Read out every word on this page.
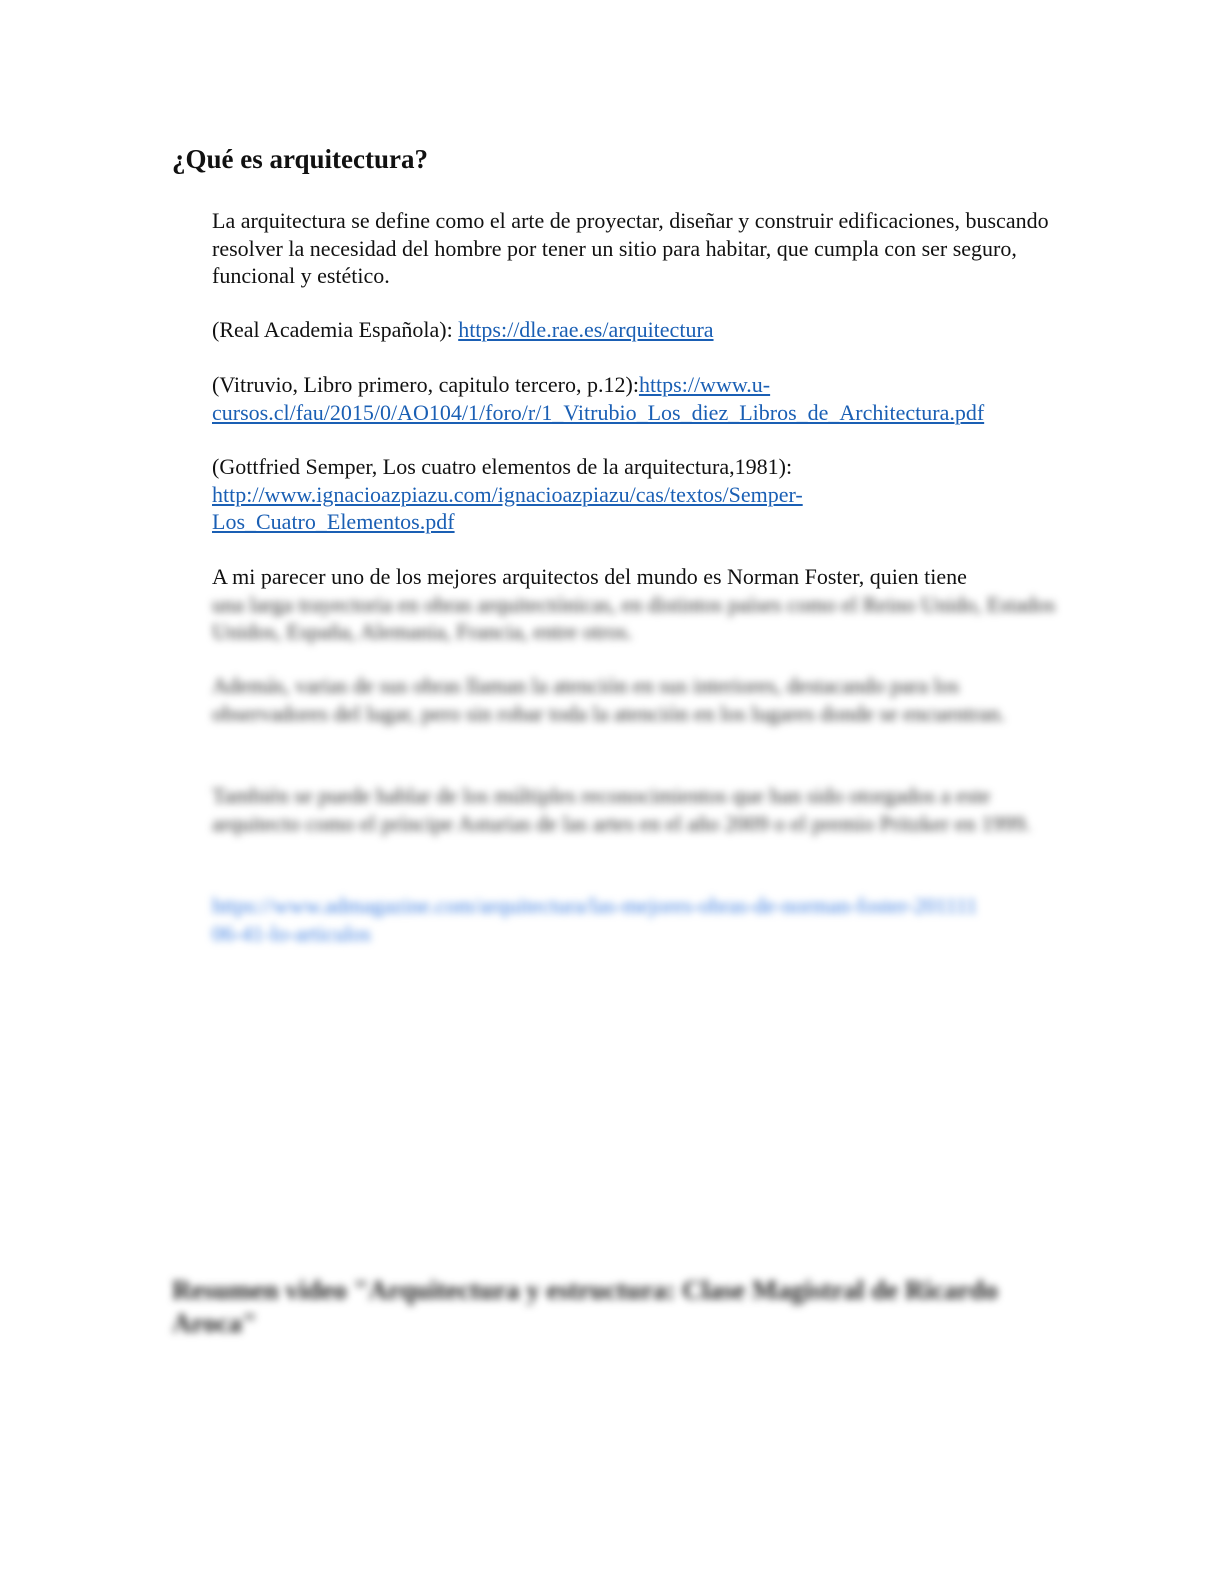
¿Qué es arquitectura?

La arquitectura se define como el arte de proyectar, diseñar y construir edificaciones, buscando resolver la necesidad del hombre por tener un sitio para habitar, que cumpla con ser seguro, funcional y estético.

(Real Academia Española): https://dle.rae.es/arquitectura

(Vitruvio, Libro primero, capitulo tercero, p.12):https://www.u-
cursos.cl/fau/2015/0/AO104/1/foro/r/1_Vitrubio_Los_diez_Libros_de_Architectura.pdf

(Gottfried Semper, Los cuatro elementos de la arquitectura,1981):
http://www.ignacioazpiazu.com/ignacioazpiazu/cas/textos/Semper-
Los_Cuatro_Elementos.pdf

A mi parecer uno de los mejores arquitectos del mundo es Norman Foster, quien tiene
una larga trayectoria en obras arquitectónicas, en distintos países como el Reino Unido, Estados Unidos, España, Alemania, Francia, entre otros.

Además, varias de sus obras llaman la atención en sus interiores, destacando para los observadores del lugar, pero sin robar toda la atención en los lugares donde se encuentran.

También se puede hablar de los múltiples reconocimientos que han sido otorgados a este arquitecto como el príncipe Asturias de las artes en el año 2009 o el premio Pritzker en 1999.

https://www.admagazine.com/arquitectura/las-mejores-obras-de-norman-foster-20111106-41-lo-articulos

Resumen video "Arquitectura y estructura: Clase Magistral de Ricardo Aroca"
